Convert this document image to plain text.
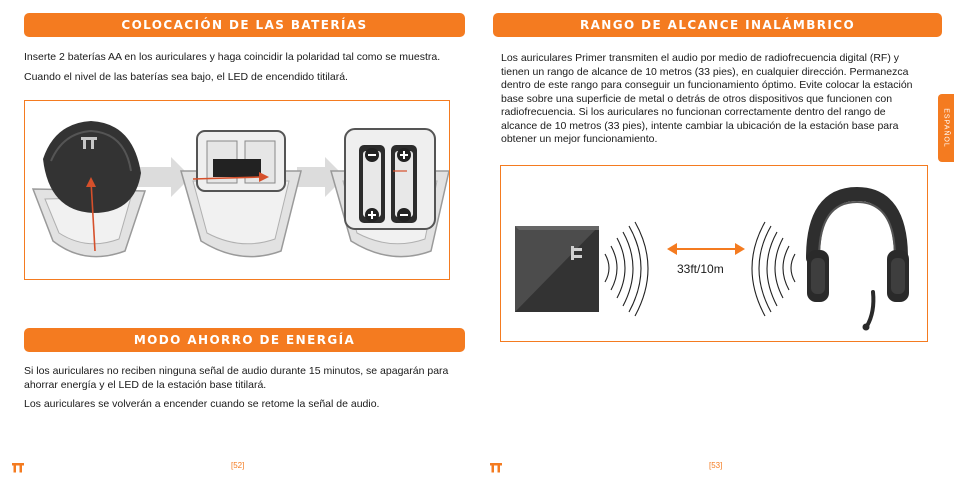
COLOCACIÓN DE LAS BATERÍAS

Inserte 2 baterías AA en los auriculares y haga coincidir la polaridad tal como se muestra.

Cuando el nivel de las baterías sea bajo, el LED de encendido titilará.

MODO AHORRO DE ENERGÍA

Si los auriculares no reciben ninguna señal de audio durante 15 minutos, se apagarán para ahorrar energía y el LED de la estación base titilará.

Los auriculares se volverán a encender cuando se retome la señal de audio.

[52]
RANGO DE ALCANCE INALÁMBRICO

Los auriculares Primer transmiten el audio por medio de radiofrecuencia digital (RF) y tienen un rango de alcance de 10 metros (33 pies), en cualquier dirección. Permanezca dentro de este rango para conseguir un funcionamiento óptimo. Evite colocar la estación base sobre una superficie de metal o detrás de otros dispositivos que funcionen con radiofrecuencia. Si los auriculares no funcionan correctamente dentro del rango de alcance de 10 metros (33 pies), intente cambiar la ubicación de la estación base para obtener un mejor funcionamiento.

33ft/10m
ESPAÑOL
[53]
